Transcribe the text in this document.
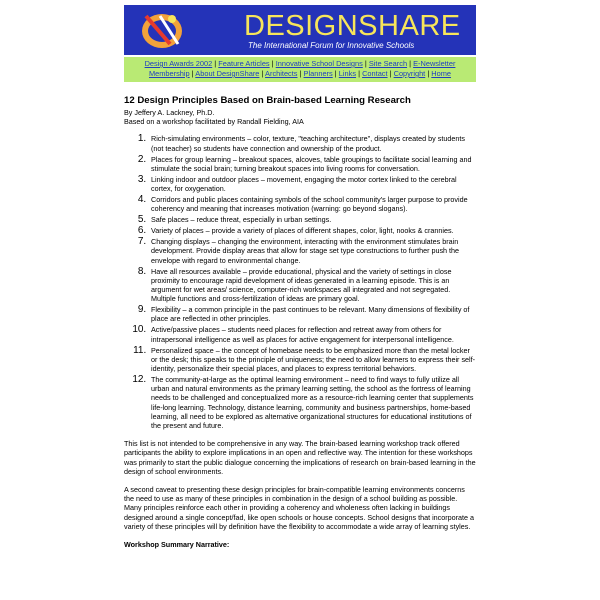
DESIGNSHARE
The International Forum for Innovative Schools
Design Awards 2002 | Feature Articles | Innovative School Designs | Site Search | E-Newsletter
Membership | About DesignShare | Architects | Planners | Links | Contact | Copyright | Home
12 Design Principles Based on Brain-based Learning Research
By Jeffery A. Lackney, Ph.D.
Based on a workshop facilitated by Randall Fielding, AIA
1. Rich-simulating environments – color, texture, "teaching architecture", displays created by students (not teacher) so students have connection and ownership of the product.
2. Places for group learning – breakout spaces, alcoves, table groupings to facilitate social learning and stimulate the social brain; turning breakout spaces into living rooms for conversation.
3. Linking indoor and outdoor places – movement, engaging the motor cortex linked to the cerebral cortex, for oxygenation.
4. Corridors and public places containing symbols of the school community's larger purpose to provide coherency and meaning that increases motivation (warning: go beyond slogans).
5. Safe places – reduce threat, especially in urban settings.
6. Variety of places – provide a variety of places of different shapes, color, light, nooks & crannies.
7. Changing displays – changing the environment, interacting with the environment stimulates brain development. Provide display areas that allow for stage set type constructions to further push the envelope with regard to environmental change.
8. Have all resources available – provide educational, physical and the variety of settings in close proximity to encourage rapid development of ideas generated in a learning episode. This is an argument for wet areas/ science, computer-rich workspaces all integrated and not segregated. Multiple functions and cross-fertilization of ideas are primary goal.
9. Flexibility – a common principle in the past continues to be relevant. Many dimensions of flexibility of place are reflected in other principles.
10. Active/passive places – students need places for reflection and retreat away from others for intrapersonal intelligence as well as places for active engagement for interpersonal intelligence.
11. Personalized space – the concept of homebase needs to be emphasized more than the metal locker or the desk; this speaks to the principle of uniqueness; the need to allow learners to express their self-identity, personalize their special places, and places to express territorial behaviors.
12. The community-at-large as the optimal learning environment – need to find ways to fully utilize all urban and natural environments as the primary learning setting, the school as the fortress of learning needs to be challenged and conceptualized more as a resource-rich learning center that supplements life-long learning. Technology, distance learning, community and business partnerships, home-based learning, all need to be explored as alternative organizational structures for educational institutions of the present and future.

This list is not intended to be comprehensive in any way. The brain-based learning workshop track offered participants the ability to explore implications in an open and reflective way. The intention for these workshops was primarily to start the public dialogue concerning the implications of research on brain-based learning in the design of school environments.

A second caveat to presenting these design principles for brain-compatible learning environments concerns the need to use as many of these principles in combination in the design of a school building as possible. Many principles reinforce each other in providing a coherency and wholeness often lacking in buildings designed around a single concept/fad, like open schools or house concepts. School designs that incorporate a variety of these principles will by definition have the flexibility to accommodate a wide array of learning styles.

Workshop Summary Narrative:
